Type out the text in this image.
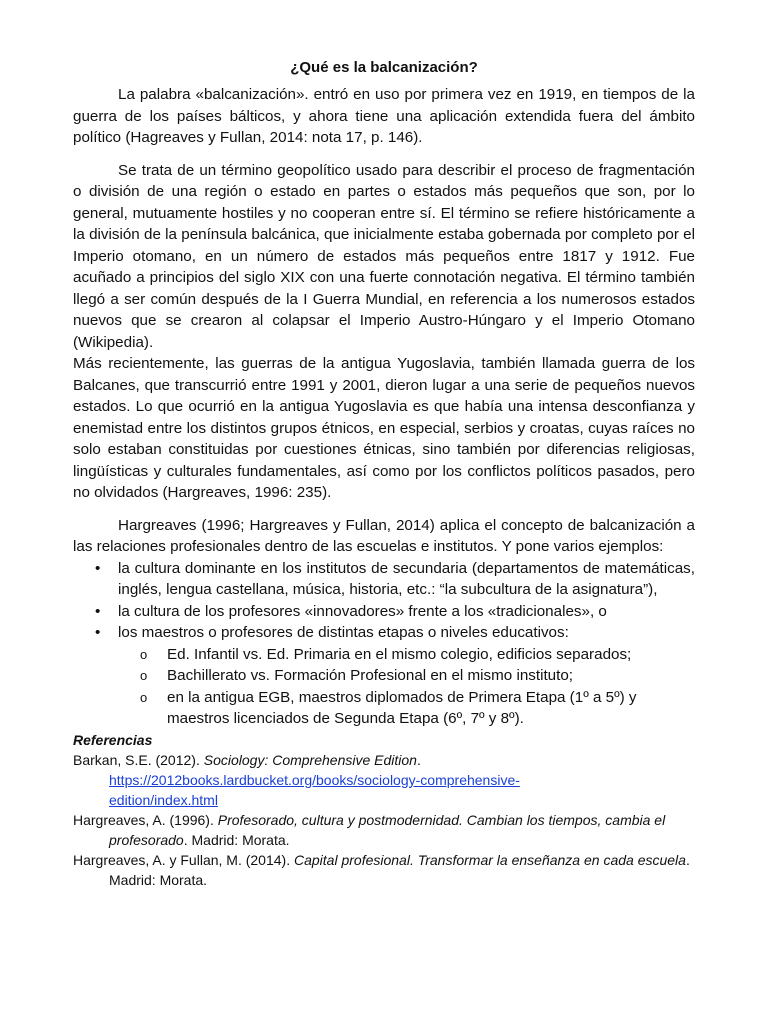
¿Qué es la balcanización?

La palabra «balcanización». entró en uso por primera vez en 1919, en tiempos de la guerra de los países bálticos, y ahora tiene una aplicación extendida fuera del ámbito político (Hagreaves y Fullan, 2014: nota 17, p. 146).

Se trata de un término geopolítico usado para describir el proceso de fragmentación o división de una región o estado en partes o estados más pequeños que son, por lo general, mutuamente hostiles y no cooperan entre sí. El término se refiere históricamente a la división de la península balcánica, que inicialmente estaba gobernada por completo por el Imperio otomano, en un número de estados más pequeños entre 1817 y 1912. Fue acuñado a principios del siglo XIX con una fuerte connotación negativa. El término también llegó a ser común después de la I Guerra Mundial, en referencia a los numerosos estados nuevos que se crearon al colapsar el Imperio Austro-Húngaro y el Imperio Otomano (Wikipedia).

Más recientemente, las guerras de la antigua Yugoslavia, también llamada guerra de los Balcanes, que transcurrió entre 1991 y 2001, dieron lugar a una serie de pequeños nuevos estados. Lo que ocurrió en la antigua Yugoslavia es que había una intensa desconfianza y enemistad entre los distintos grupos étnicos, en especial, serbios y croatas, cuyas raíces no solo estaban constituidas por cuestiones étnicas, sino también por diferencias religiosas, lingüísticas y culturales fundamentales, así como por los conflictos políticos pasados, pero no olvidados (Hargreaves, 1996: 235).

Hargreaves (1996; Hargreaves y Fullan, 2014) aplica el concepto de balcanización a las relaciones profesionales dentro de las escuelas e institutos. Y pone varios ejemplos:

• la cultura dominante en los institutos de secundaria (departamentos de matemáticas, inglés, lengua castellana, música, historia, etc.: “la subcultura de la asignatura”),
• la cultura de los profesores «innovadores» frente a los «tradicionales», o
• los maestros o profesores de distintas etapas o niveles educativos:
o Ed. Infantil vs. Ed. Primaria en el mismo colegio, edificios separados;
o Bachillerato vs. Formación Profesional en el mismo instituto;
o en la antigua EGB, maestros diplomados de Primera Etapa (1º a 5º) y maestros licenciados de Segunda Etapa (6º, 7º y 8º).

Referencias

Barkan, S.E. (2012). Sociology: Comprehensive Edition.
https://2012books.lardbucket.org/books/sociology-comprehensive-
edition/index.html

Hargreaves, A. (1996). Profesorado, cultura y postmodernidad. Cambian los tiempos, cambia el profesorado. Madrid: Morata.

Hargreaves, A. y Fullan, M. (2014). Capital profesional. Transformar la enseñanza en cada escuela. Madrid: Morata.
